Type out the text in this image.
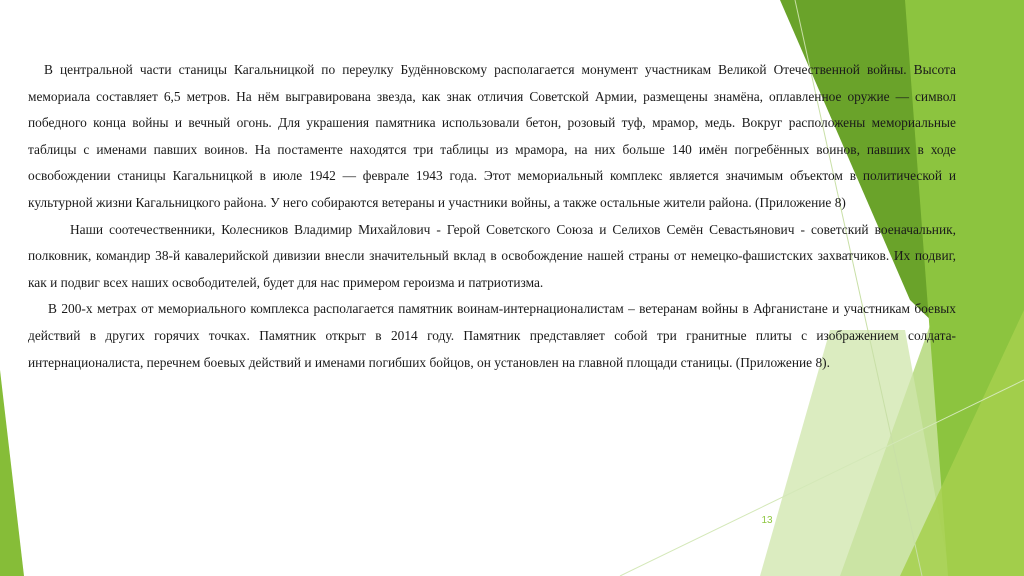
В центральной части станицы Кагальницкой по переулку Будённовскому располагается монумент участникам Великой Отечественной войны. Высота мемориала составляет 6,5 метров. На нём выгравирована звезда, как знак отличия Советской Армии, размещены знамёна, оплавленное оружие — символ победного конца войны и вечный огонь. Для украшения памятника использовали бетон, розовый туф, мрамор, медь. Вокруг расположены мемориальные таблицы с именами павших воинов. На постаменте находятся три таблицы из мрамора, на них больше 140 имён погребённых воинов, павших в ходе освобождении станицы Кагальницкой в июле 1942 — феврале 1943 года. Этот мемориальный комплекс является значимым объектом в политической и культурной жизни Кагальницкого района. У него собираются ветераны и участники войны, а также остальные жители района. (Приложение 8)

Наши соотечественники, Колесников Владимир Михайлович - Герой Советского Союза и Селихов Семён Севастьянович - советский военачальник, полковник, командир 38-й кавалерийской дивизии внесли значительный вклад в освобождение нашей страны от немецко-фашистских захватчиков. Их подвиг, как и подвиг всех наших освободителей, будет для нас примером героизма и патриотизма.

В 200-х метрах от мемориального комплекса располагается памятник воинам-интернационалистам – ветеранам войны в Афганистане и участникам боевых действий в других горячих точках. Памятник открыт в 2014 году. Памятник представляет собой три гранитные плиты с изображением солдата-интернационалиста, перечнем боевых действий и именами погибших бойцов, он установлен на главной площади станицы. (Приложение 8).

13
